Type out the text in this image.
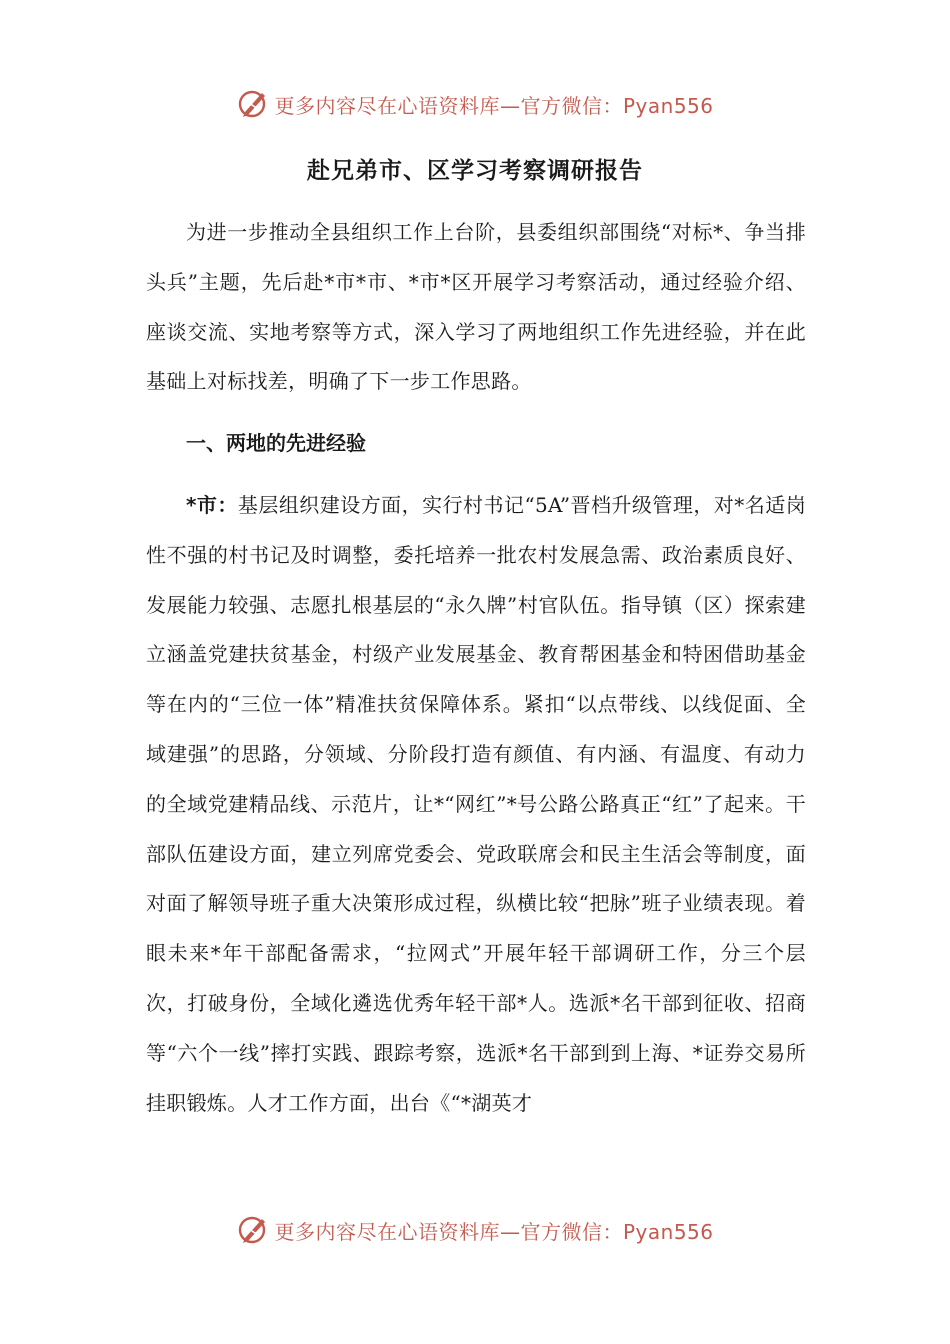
更多内容尽在心语资料库—官方微信：Pyan556
赴兄弟市、区学习考察调研报告

为进一步推动全县组织工作上台阶，县委组织部围绕“对标*、争当排头兵”主题，先后赴*市*市、*市*区开展学习考察活动，通过经验介绍、座谈交流、实地考察等方式，深入学习了两地组织工作先进经验，并在此基础上对标找差，明确了下一步工作思路。

一、两地的先进经验

*市：基层组织建设方面，实行村书记“5A”晋档升级管理，对*名适岗性不强的村书记及时调整，委托培养一批农村发展急需、政治素质良好、发展能力较强、志愿扎根基层的“永久牌”村官队伍。指导镇（区）探索建立涵盖党建扶贫基金，村级产业发展基金、教育帮困基金和特困借助基金等在内的“三位一体”精准扶贫保障体系。紧扣“以点带线、以线促面、全域建强”的思路，分领域、分阶段打造有颜值、有内涵、有温度、有动力的全域党建精品线、示范片，让*“网红”*号公路公路真正“红”了起来。干部队伍建设方面，建立列席党委会、党政联席会和民主生活会等制度，面对面了解领导班子重大决策形成过程，纵横比较“把脉”班子业绩表现。着眼未来*年干部配备需求，“拉网式”开展年轻干部调研工作，分三个层次，打破身份，全域化遴选优秀年轻干部*人。选派*名干部到征收、招商等“六个一线”摔打实践、跟踪考察，选派*名干部到到上海、*证券交易所挂职锻炼。人才工作方面，出台《“*湖英才

更多内容尽在心语资料库—官方微信：Pyan556
